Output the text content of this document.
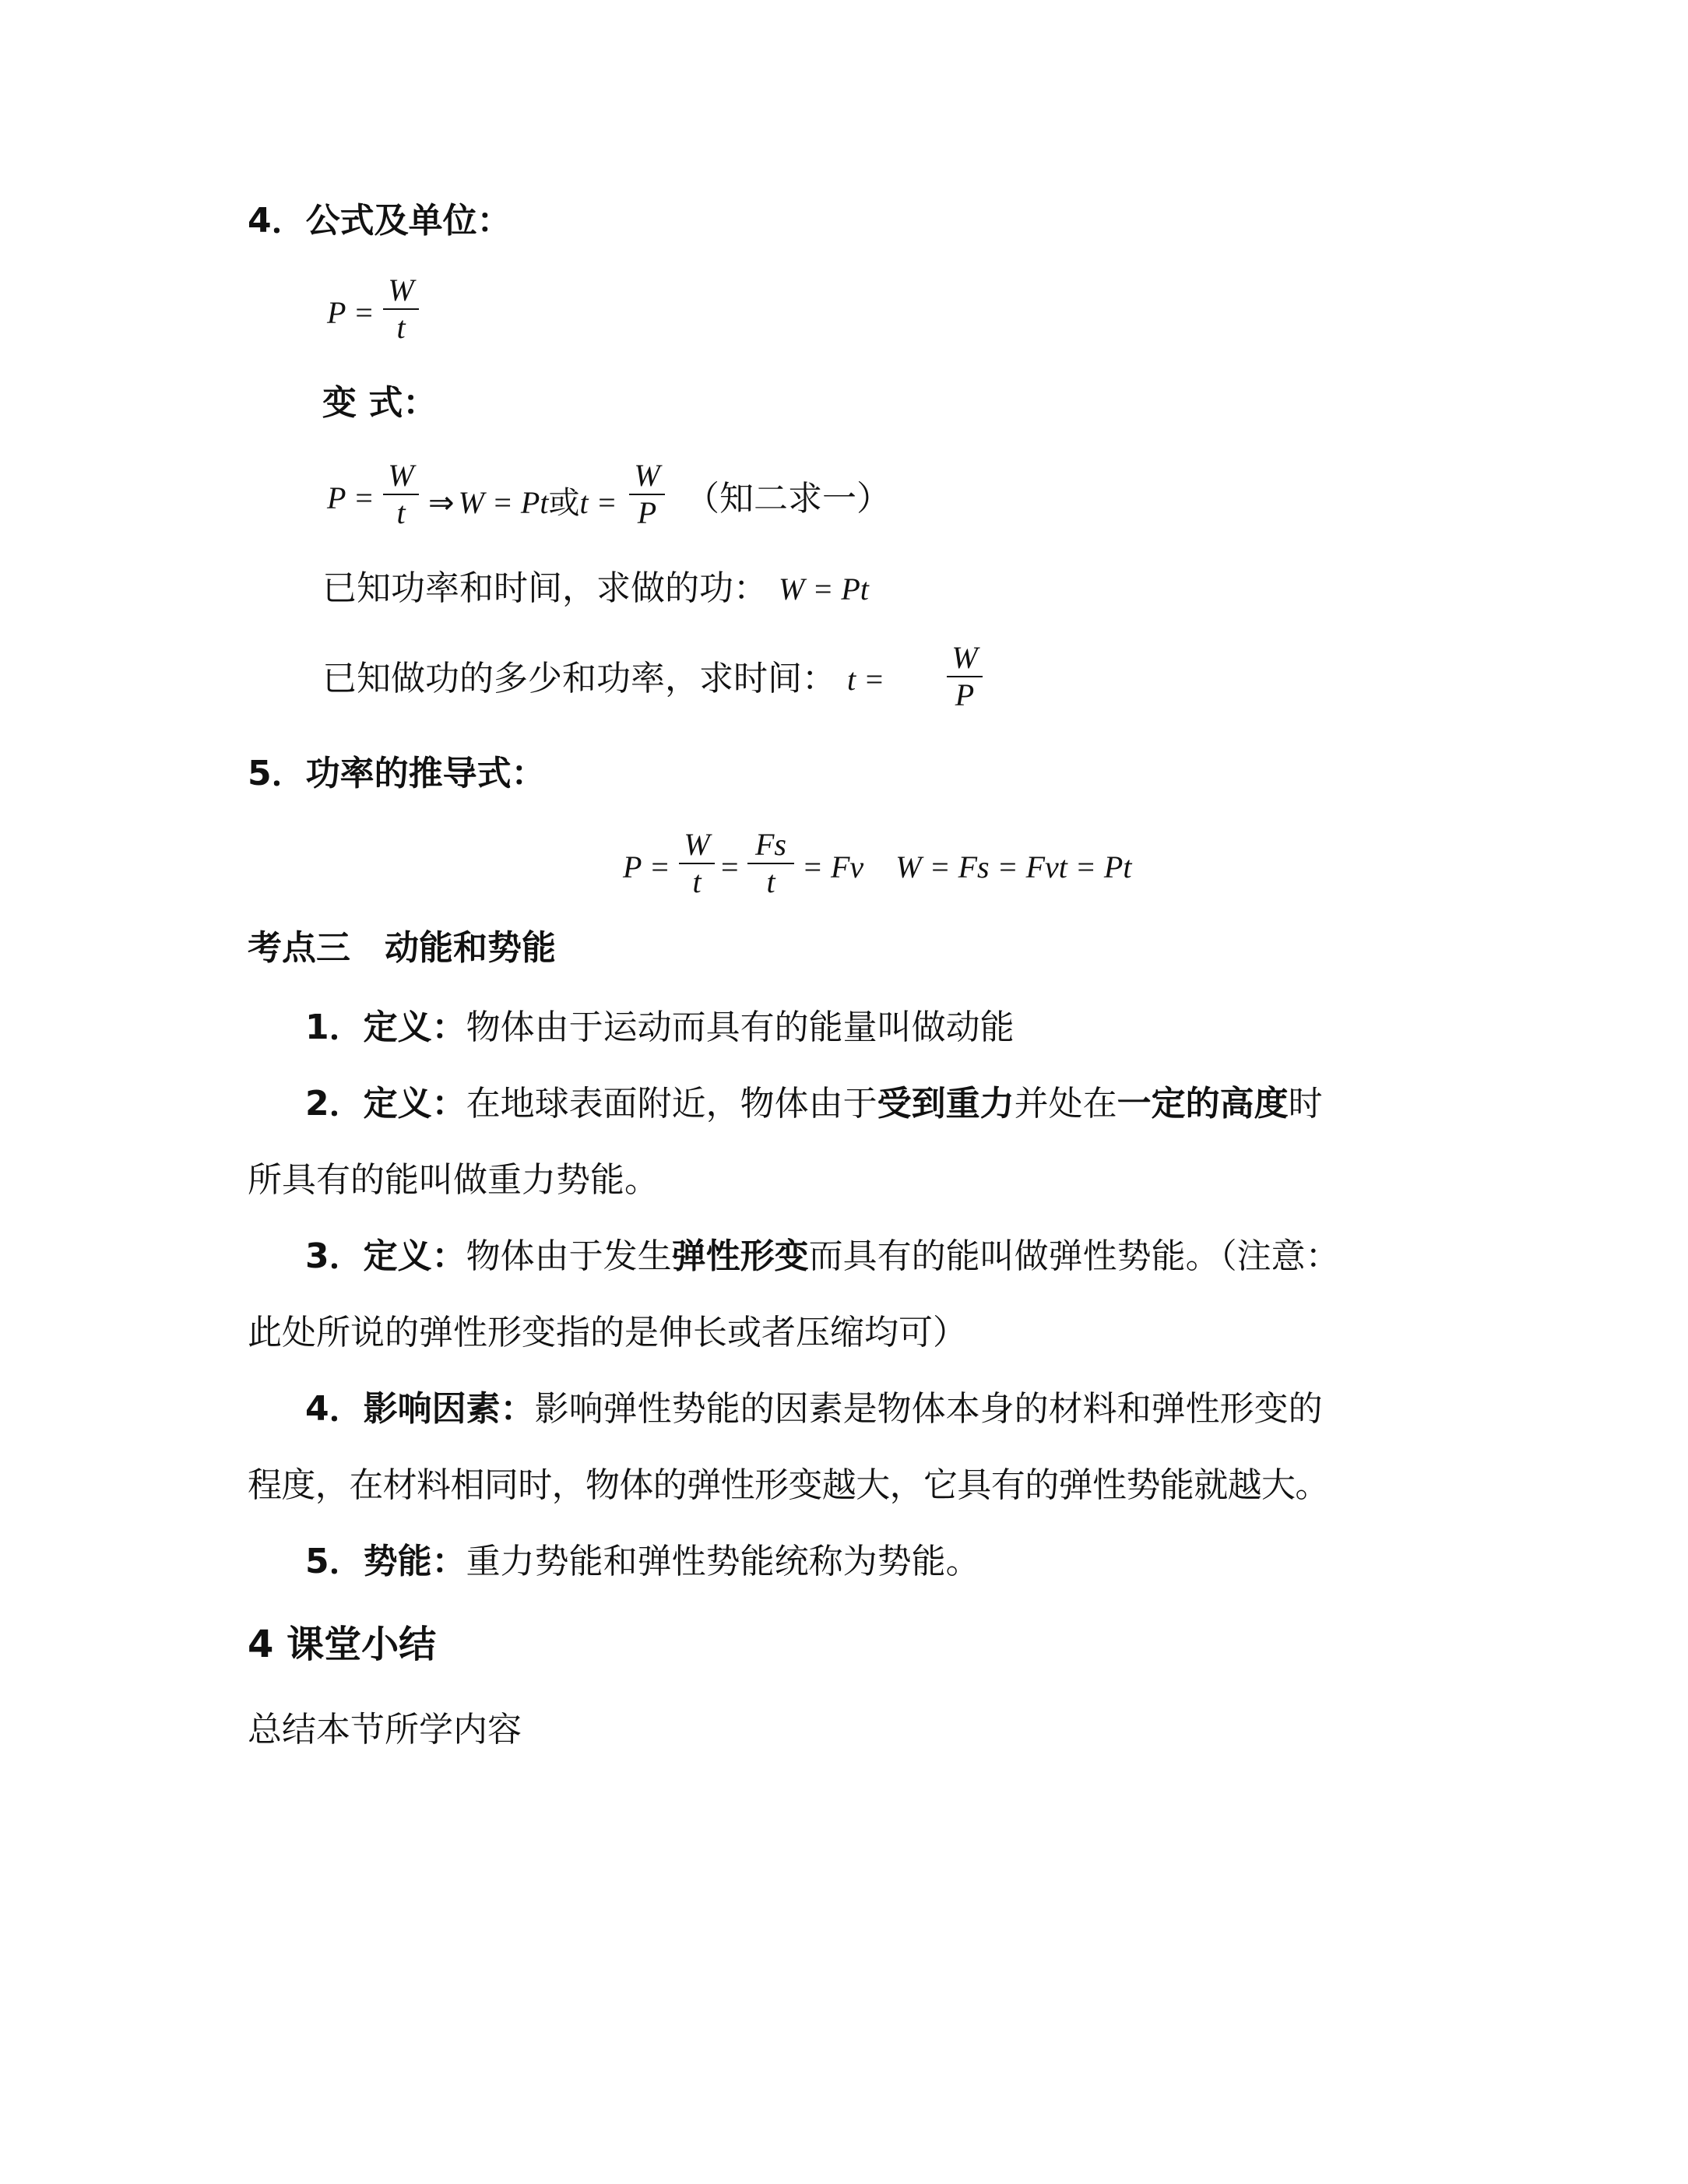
4．公式及单位：
P =
W
t
变 式：
P =
W
t ⇒ W = Pt或t =
W
P （知二求一）
已知功率和时间，求做的功： W = Pt
已知做功的多少和功率，求时间： t =
W
P
5．功率的推导式：
P =
W
t =
Fs
t = Fv W = Fs = Fvt = Pt
考点三　动能和势能
1．定义：物体由于运动而具有的能量叫做动能
2．定义：在地球表面附近，物体由于受到重力并处在一定的高度时
所具有的能叫做重力势能。
3．定义：物体由于发生弹性形变而具有的能叫做弹性势能。（注意：
此处所说的弹性形变指的是伸长或者压缩均可）
4．影响因素：影响弹性势能的因素是物体本身的材料和弹性形变的
程度，在材料相同时，物体的弹性形变越大，它具有的弹性势能就越大。
5．势能：重力势能和弹性势能统称为势能。
4 课堂小结
总结本节所学内容
